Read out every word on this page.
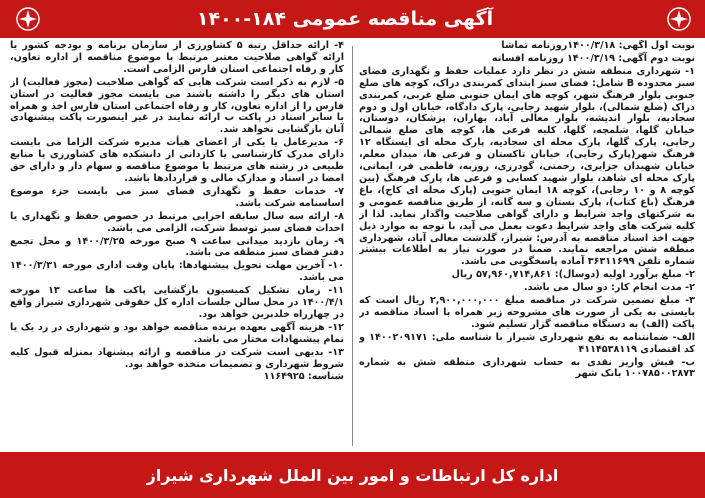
آگهی مناقصه عمومی ۱۸۴-۱۴۰۰

نوبت اول آگهی: ۱۴۰۰/۳/۱۸روزنامه تماشا

نوبت دوم آگهی: ۱۴۰۰/۳/۱۹ روزنامه افسانه

۱- شهرداری منطقه شش در نظر دارد عملیات حفظ و نگهداری فضای سبز محدوده B شامل: فضای سبز ابتدای کمربندی دراک، کوچه های ضلع جنوبی بلوار فرهنگ شهر، کوچه های ایمان جنوبی ضلع غربی، کمربندی دراک (ضلع شمالی)، بلوار شهید رجایی، پارک دادگاه، خیابان اول و دوم سجادیه، بلوار اندیشه، بلوار معالی آباد، بهاران، پزشکان، دوستان، خیابان گلها، شلمچه، گلها، کلیه فرعی ها، کوچه های ضلع شمالی رجایی، پارک گلها، پارک محله ای سجادیه، پارک محله ای ایستگاه ۱۲ فرهنگ شهر(پارک رجایی)، خیابان تاکستان و فرعی ها، میدان معلم، خیابان شهیدان جزایری، رحمتی، گودرزی، روزبه، فاطمی فر، ایمانی، پارک محله ای شاهد، بلوار شهید کسایی و فرعی ها، پارک فرهنگ (بین کوچه ۸ و ۱۰ رجایی)، کوچه ۱۸ ایمان جنوبی (پارک محله ای کاج)، باغ فرهنگ (باغ کتاب)، پارک بستان و سه گانه، از طریق مناقصه عمومی و به شرکتهای واجد شرایط و دارای گواهی صلاحیت واگذار نماید. لذا از کلیه شرکت های واجد شرایط دعوت بعمل می آید، با توجه به موارد ذیل جهت اخذ اسناد مناقصه به آدرس: شیراز، گلدشت معالی آباد، شهرداری منطقه شش مراجعه نمایند. ضمنا در صورت نیاز به اطلاعات بیشتر شماره تلفن ۳۶۳۱۱۶۹۹ آماده پاسخگویی می باشد.

۲- مبلغ برآورد اولیه (دوسال): ۵۷,۹۶۰,۷۱۴,۸۶۱ ریال

۲- مدت انجام کار: دو سال می باشد.

۳- مبلغ تضمین شرکت در مناقصه مبلغ ۲,۹۰۰,۰۰۰,۰۰۰ ریال است که بایستی به یکی از صورت های مشروحه زیر همراه با اسناد مناقصه در پاکت (الف) به دستگاه مناقصه گزار تسلیم شود.

الف- ضمانتنامه به نفع شهرداری شیراز با شناسه ملی: ۱۴۰۰۲۰۹۱۷۱ و کد اقتصادی ۴۱۱۴۵۳۸۱۱۹

ب- فیش واریز نقدی به حساب شهرداری منطقه شش به شماره ۱۰۰۷۸۵۰۰۲۸۷۳ بانک شهر

۴- ارائه حداقل رتبه ۵ کشاورزی از سازمان برنامه و بودجه کشور یا ارائه گواهی صلاحیت معتبر مرتبط با موضوع مناقصه از اداره تعاون، کار و رفاه اجتماعی استان فارس الزامی است.

۵- لازم به ذکر است شرکت هایی که گواهی صلاحیت (مجوز فعالیت) از استان های دیگر را داشته باشند می بایست مجوز فعالیت در استان فارس را از اداره تعاون، کار و رفاه اجتماعی استان فارس اخذ و همراه با سایر اسناد در پاکت ب ارائه نمایند در غیر اینصورت پاکت پیشنهادی آنان بازگشایی نخواهد شد.

۶- مدیرعامل یا یکی از اعضای هیأت مدیره شرکت الزاما می بایست دارای مدرک کارشناسی یا کاردانی از دانشکده های کشاورزی یا منابع طبیعی در رشته های مرتبط با موضوع مناقصه و سهام دار و دارای حق امضا در اسناد و مدارک مالی و قراردادها باشد.

۷- خدمات حفظ و نگهداری فضای سبز می بایست جزء موضوع اساسنامه شرکت باشد.

۸- ارائه سه سال سابقه اجرایی مرتبط در خصوص حفظ و نگهداری یا احداث فضای سبز توسط شرکت، الزامی می باشد.

۹- زمان بازدید میدانی ساعت ۹ صبح مورخه ۱۴۰۰/۳/۲۵ و محل تجمع دفتر فضای سبز منطقه می باشد.

۱۰- آخرین مهلت تحویل پیشنهادها: پایان وقت اداری مورخه ۱۴۰۰/۳/۳۱ می باشد.

۱۱- زمان تشکیل کمیسیون بازگشایی پاکت ها ساعت ۱۳ مورخه ۱۴۰۰/۴/۱ در محل سالن جلسات اداره کل حقوقی شهرداری شیراز واقع در چهارراه خلدبرین خواهد بود.

۱۲- هزینه آگهی بعهده برنده مناقصه خواهد بود و شهرداری در رد یک یا تمام پیشنهادات مختار می باشد.

۱۳- بدیهی است شرکت در مناقصه و ارائه پیشنهاد بمنزله قبول کلیه شروط شهرداری و تصمیمات متخذه خواهد بود.

شناسه: ۱۱۶۴۹۲۵

اداره کل ارتباطات و امور بین الملل شهرداری شیراز
